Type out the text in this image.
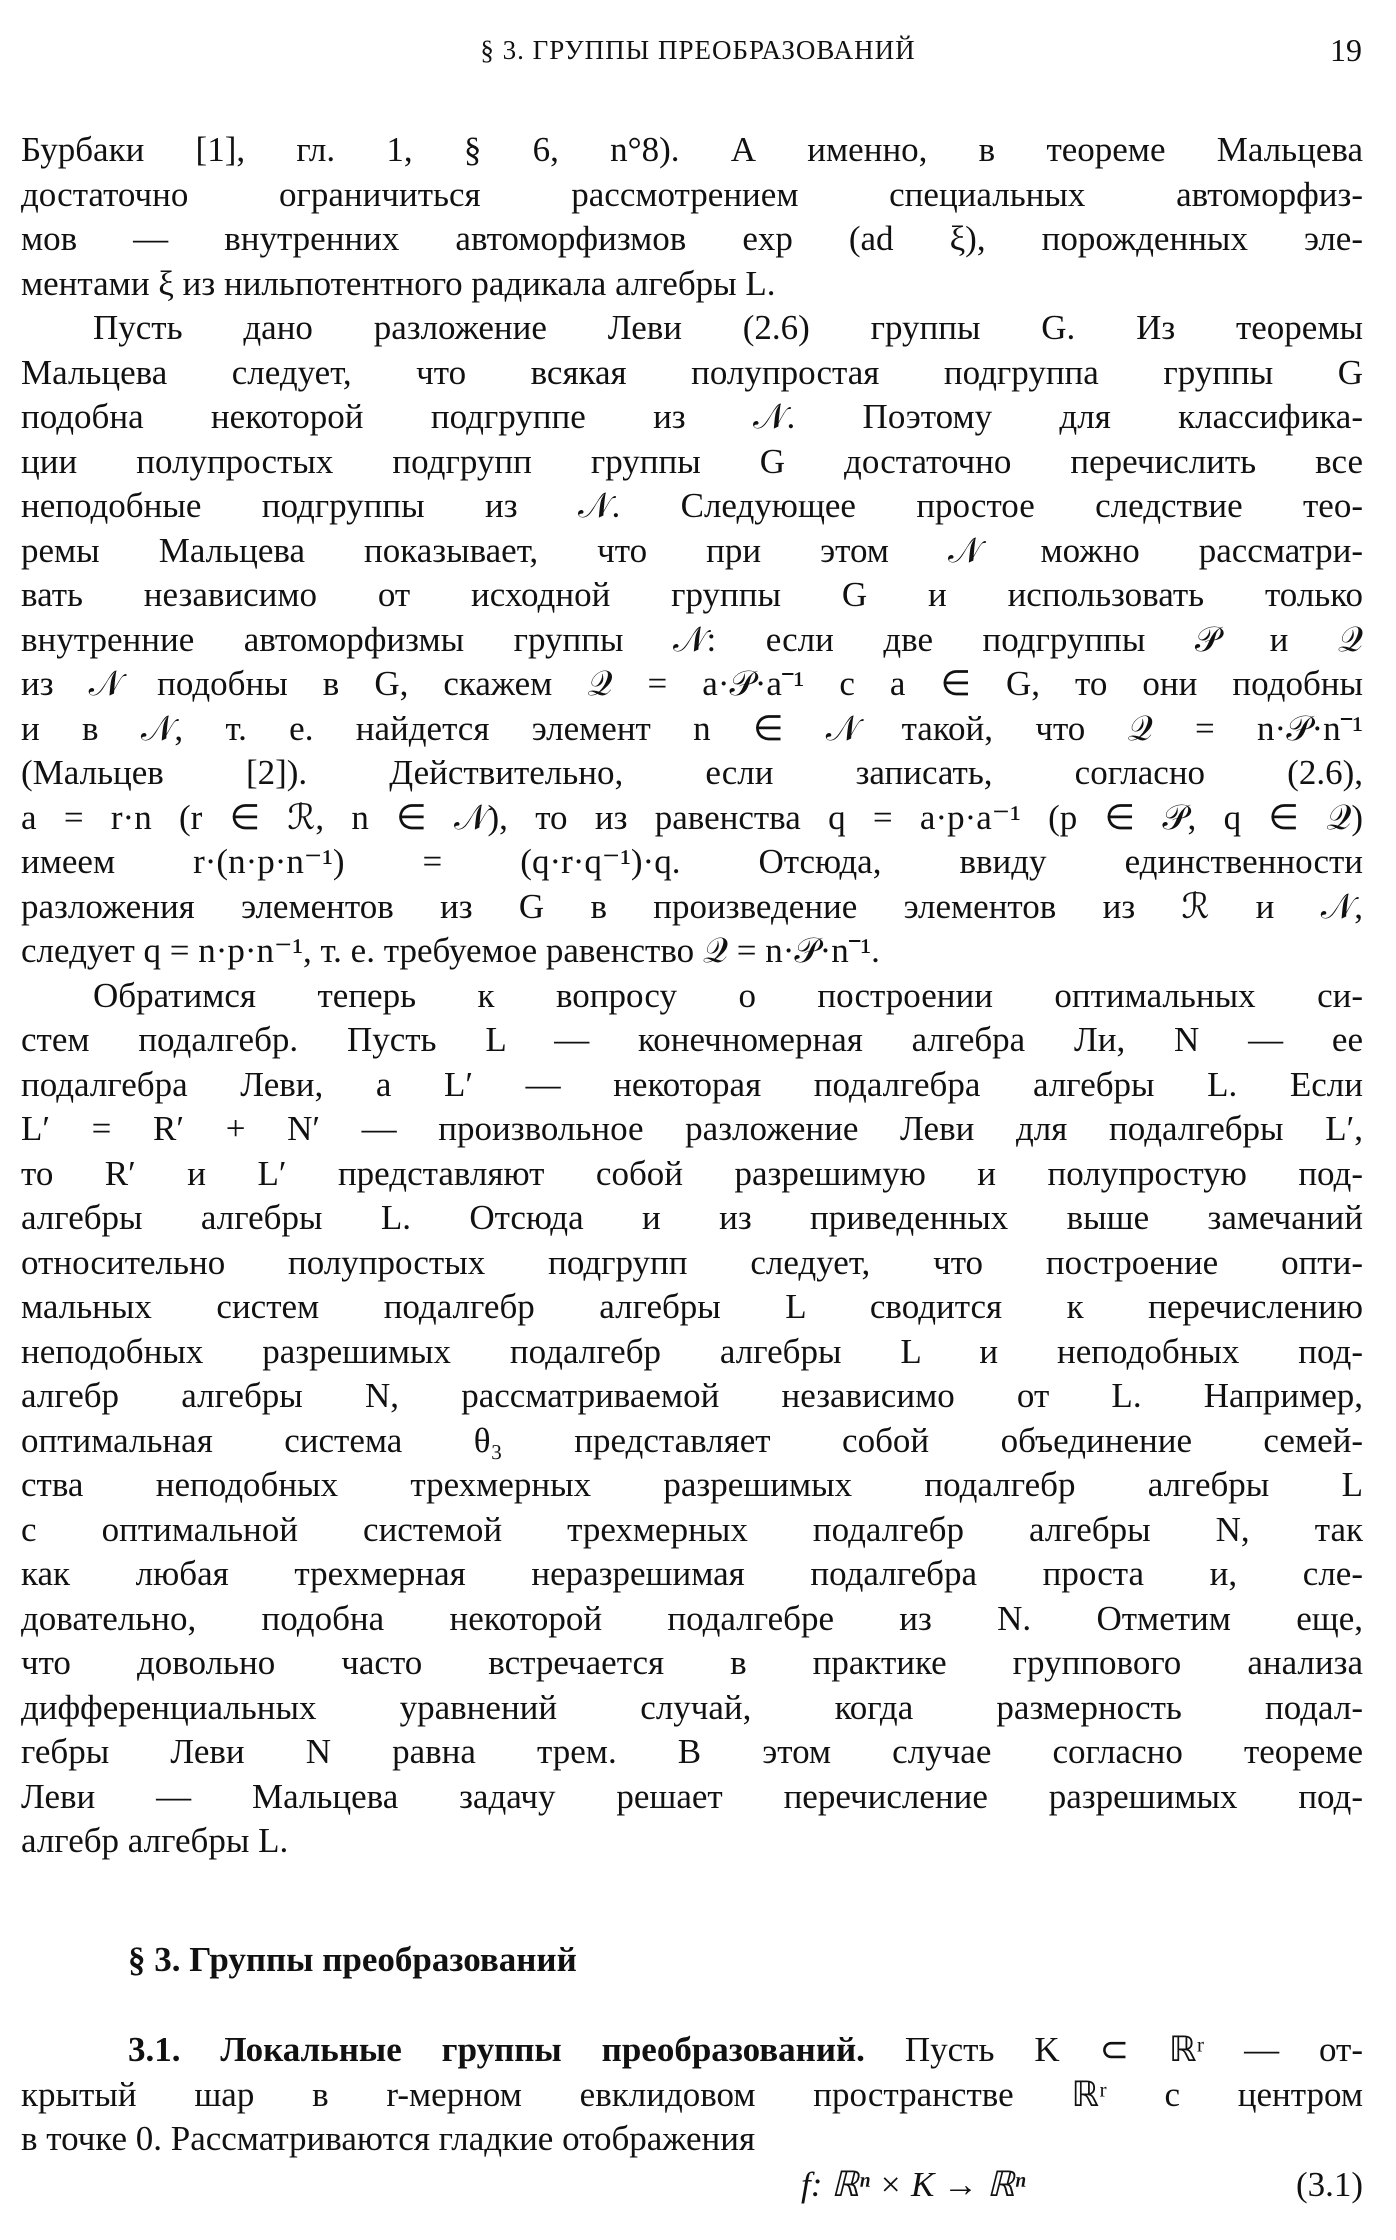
§ 3. ГРУППЫ ПРЕОБРАЗОВАНИЙ	19
Бурбаки [1], гл. 1, § 6, n°8). А именно, в теореме Мальцева
достаточно ограничиться рассмотрением специальных автоморфиз-
мов — внутренних автоморфизмов exp (ad ξ), порожденных эле-
ментами ξ из нильпотентного радикала алгебры L.
Пусть дано разложение Леви (2.6) группы G. Из теоремы
Мальцева следует, что всякая полупростая подгруппа группы G
подобна некоторой подгруппе из 𝒩. Поэтому для классифика-
ции полупростых подгрупп группы G достаточно перечислить все
неподобные подгруппы из 𝒩. Следующее простое следствие тео-
ремы Мальцева показывает, что при этом 𝒩 можно рассматри-
вать независимо от исходной группы G и использовать только
внутренние автоморфизмы группы 𝒩: если две подгруппы 𝒫 и 𝒬
из 𝒩 подобны в G, скажем 𝒬 = a·𝒫·a⁻¹ с a ∈ G, то они подобны
и в 𝒩, т. е. найдется элемент n ∈ 𝒩 такой, что 𝒬 = n·𝒫·n⁻¹
(Мальцев [2]). Действительно, если записать, согласно (2.6),
a = r·n (r ∈ ℛ, n ∈ 𝒩), то из равенства q = a·p·a⁻¹ (p ∈ 𝒫, q ∈ 𝒬)
имеем r·(n·p·n⁻¹) = (q·r·q⁻¹)·q. Отсюда, ввиду единственности
разложения элементов из G в произведение элементов из ℛ и 𝒩,
следует q = n·p·n⁻¹, т. е. требуемое равенство 𝒬 = n·𝒫·n⁻¹.
Обратимся теперь к вопросу о построении оптимальных си-
стем подалгебр. Пусть L — конечномерная алгебра Ли, N — ее
подалгебра Леви, а L′ — некоторая подалгебра алгебры L. Если
L′ = R′ + N′ — произвольное разложение Леви для подалгебры L′,
то R′ и L′ представляют собой разрешимую и полупростую под-
алгебры алгебры L. Отсюда и из приведенных выше замечаний
относительно полупростых подгрупп следует, что построение опти-
мальных систем подалгебр алгебры L сводится к перечислению
неподобных разрешимых подалгебр алгебры L и неподобных под-
алгебр алгебры N, рассматриваемой независимо от L. Например,
оптимальная система θ₃ представляет собой объединение семей-
ства неподобных трехмерных разрешимых подалгебр алгебры L
с оптимальной системой трехмерных подалгебр алгебры N, так
как любая трехмерная неразрешимая подалгебра проста и, сле-
довательно, подобна некоторой подалгебре из N. Отметим еще,
что довольно часто встречается в практике группового анализа
дифференциальных уравнений случай, когда размерность подал-
гебры Леви N равна трем. В этом случае согласно теореме
Леви — Мальцева задачу решает перечисление разрешимых под-
алгебр алгебры L.
§ 3. Группы преобразований
3.1. Локальные группы преобразований. Пусть K ⊂ ℝʳ — от-
крытый шар в r-мерном евклидовом пространстве ℝʳ с центром
в точке 0. Рассматриваются гладкие отображения
f: ℝⁿ × K → ℝⁿ	(3.1)
